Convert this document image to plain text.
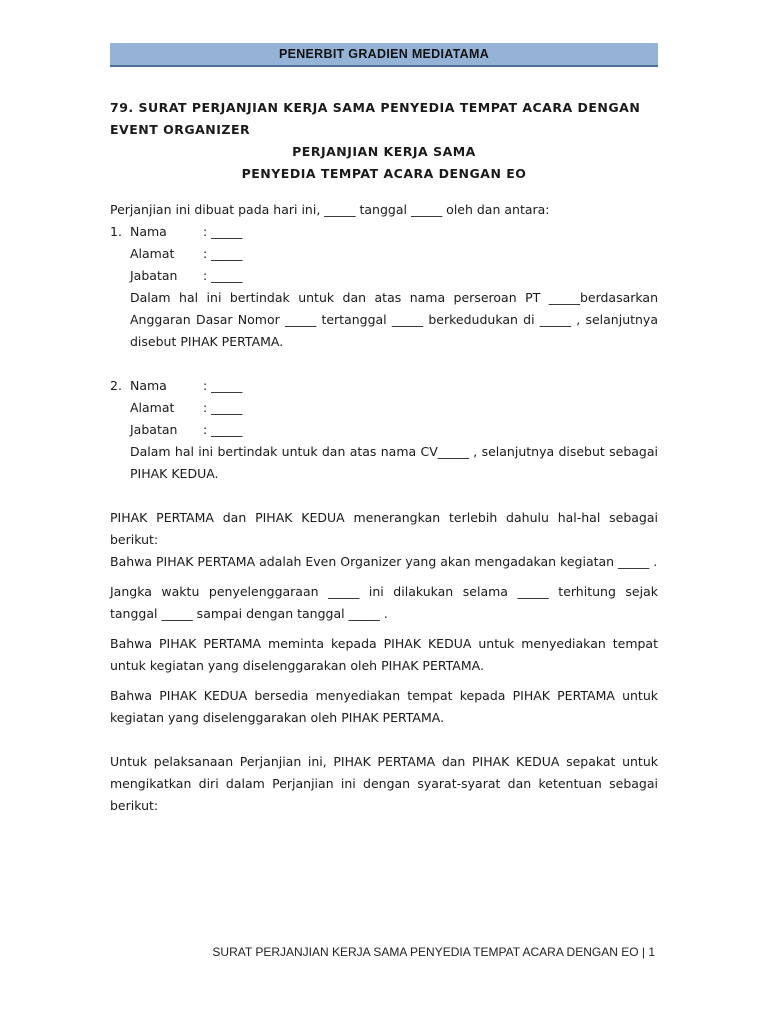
PENERBIT GRADIEN MEDIATAMA

79. SURAT PERJANJIAN KERJA SAMA PENYEDIA TEMPAT ACARA DENGAN EVENT ORGANIZER

PERJANJIAN KERJA SAMA

PENYEDIA TEMPAT ACARA DENGAN EO

Perjanjian ini dibuat pada hari ini, _____ tanggal _____ oleh dan antara:

1. Nama	: _____
Alamat	: _____
Jabatan	: _____

Dalam hal ini bertindak untuk dan atas nama perseroan PT _____berdasarkan Anggaran Dasar Nomor _____ tertanggal _____ berkedudukan di _____ , selanjutnya disebut PIHAK PERTAMA.

2. Nama	: _____
Alamat	: _____
Jabatan	: _____

Dalam hal ini bertindak untuk dan atas nama CV_____ , selanjutnya disebut sebagai PIHAK KEDUA.

PIHAK PERTAMA dan PIHAK KEDUA menerangkan terlebih dahulu hal-hal sebagai berikut:

Bahwa PIHAK PERTAMA adalah Even Organizer yang akan mengadakan kegiatan _____ .

Jangka waktu penyelenggaraan _____ ini dilakukan selama _____ terhitung sejak tanggal _____ sampai dengan tanggal _____ .

Bahwa PIHAK PERTAMA meminta kepada PIHAK KEDUA untuk menyediakan tempat untuk kegiatan yang diselenggarakan oleh PIHAK PERTAMA.

Bahwa PIHAK KEDUA bersedia menyediakan tempat kepada PIHAK PERTAMA untuk kegiatan yang diselenggarakan oleh PIHAK PERTAMA.

Untuk pelaksanaan Perjanjian ini, PIHAK PERTAMA dan PIHAK KEDUA sepakat untuk mengikatkan diri dalam Perjanjian ini dengan syarat-syarat dan ketentuan sebagai berikut:

SURAT PERJANJIAN KERJA SAMA PENYEDIA TEMPAT ACARA DENGAN EO | 1
